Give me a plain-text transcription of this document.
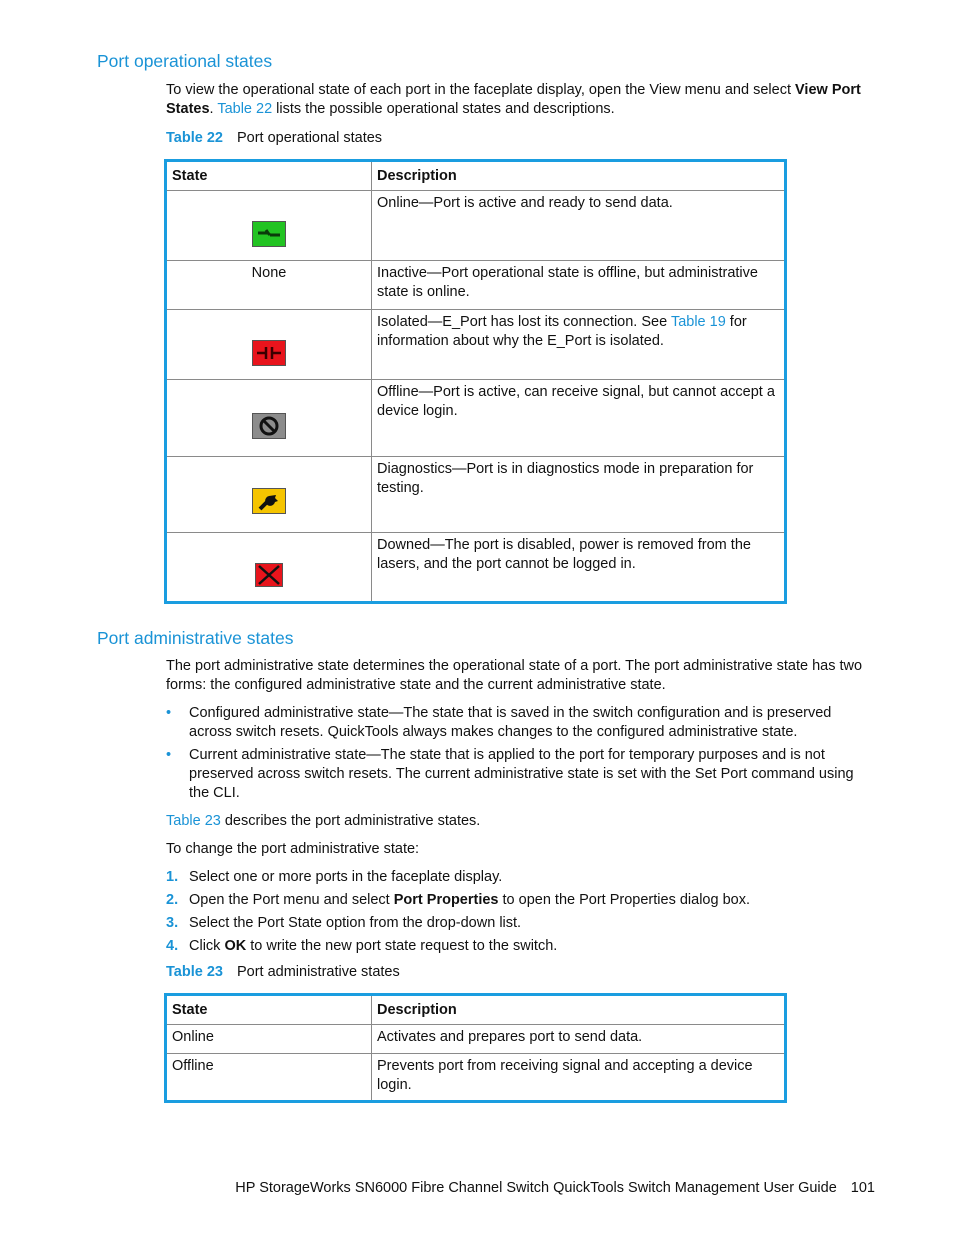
Port operational states

To view the operational state of each port in the faceplate display, open the View menu and select View Port States. Table 22 lists the possible operational states and descriptions.

Table 22 Port operational states
State	Description
	Online—Port is active and ready to send data.
None	Inactive—Port operational state is offline, but administrative state is online.
	Isolated—E_Port has lost its connection. See Table 19 for information about why the E_Port is isolated.
	Offline—Port is active, can receive signal, but cannot accept a device login.
	Diagnostics—Port is in diagnostics mode in preparation for testing.
	Downed—The port is disabled, power is removed from the lasers, and the port cannot be logged in.
Port administrative states

The port administrative state determines the operational state of a port. The port administrative state has two forms: the configured administrative state and the current administrative state.

• Configured administrative state—The state that is saved in the switch configuration and is preserved across switch resets. QuickTools always makes changes to the configured administrative state.
• Current administrative state—The state that is applied to the port for temporary purposes and is not preserved across switch resets. The current administrative state is set with the Set Port command using the CLI.

Table 23 describes the port administrative states.

To change the port administrative state:

1. Select one or more ports in the faceplate display.
2. Open the Port menu and select Port Properties to open the Port Properties dialog box.
3. Select the Port State option from the drop-down list.
4. Click OK to write the new port state request to the switch.
Table 23 Port administrative states
State	Description
Online	Activates and prepares port to send data.
Offline	Prevents port from receiving signal and accepting a device login.
HP StorageWorks SN6000 Fibre Channel Switch QuickTools Switch Management User Guide 101
